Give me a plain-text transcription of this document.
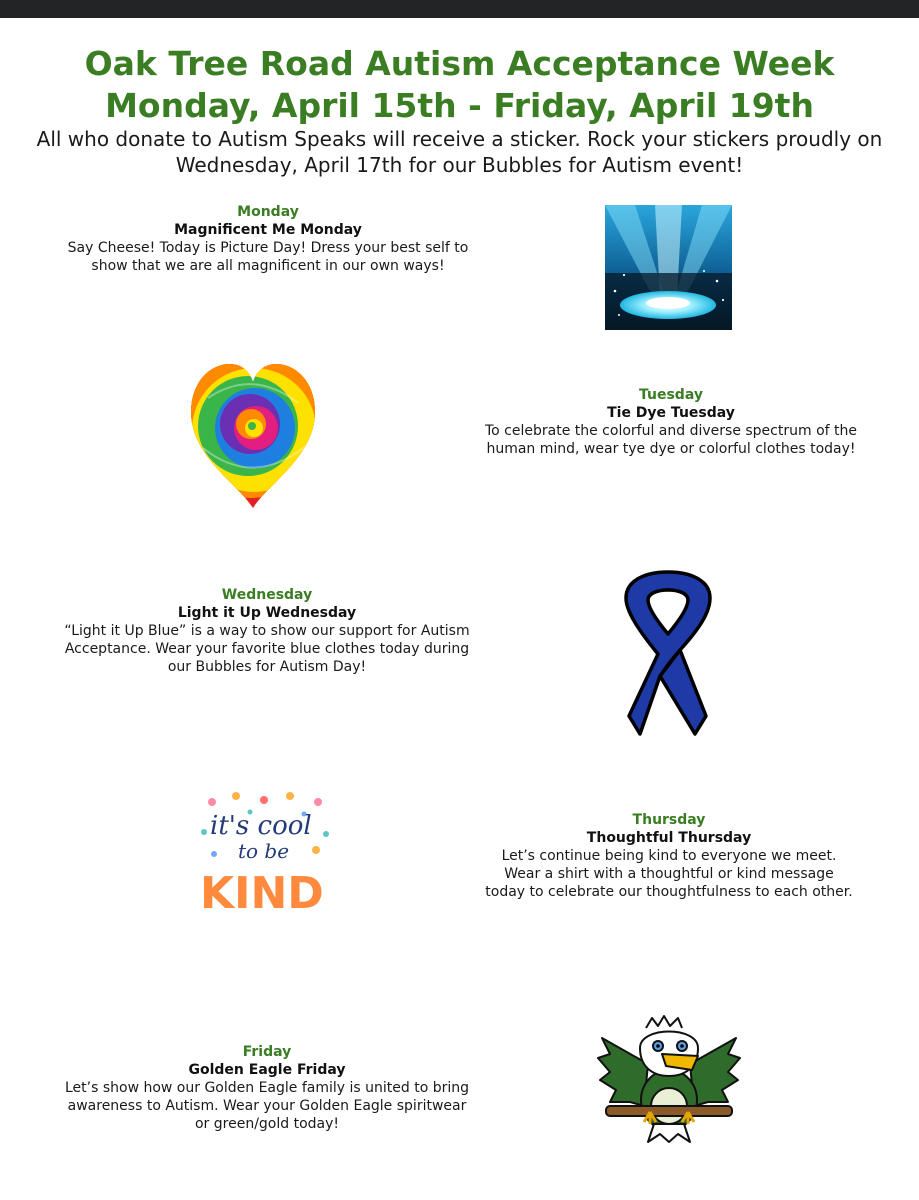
Oak Tree Road Autism Acceptance Week
Monday, April 15th - Friday, April 19th

All who donate to Autism Speaks will receive a sticker. Rock your stickers proudly on Wednesday, April 17th for our Bubbles for Autism event!

Monday
Magnificent Me Monday
Say Cheese! Today is Picture Day! Dress your best self to show that we are all magnificent in our own ways!
Tuesday
Tie Dye Tuesday
To celebrate the colorful and diverse spectrum of the human mind, wear tye dye or colorful clothes today!
Wednesday
Light it Up Wednesday
“Light it Up Blue” is a way to show our support for Autism Acceptance. Wear your favorite blue clothes today during our Bubbles for Autism Day!
it's cool
to be
KIND
Thursday
Thoughtful Thursday
Let’s continue being kind to everyone we meet. Wear a shirt with a thoughtful or kind message today to celebrate our thoughtfulness to each other.
Friday
Golden Eagle Friday
Let’s show how our Golden Eagle family is united to bring awareness to Autism. Wear your Golden Eagle spiritwear or green/gold today!
